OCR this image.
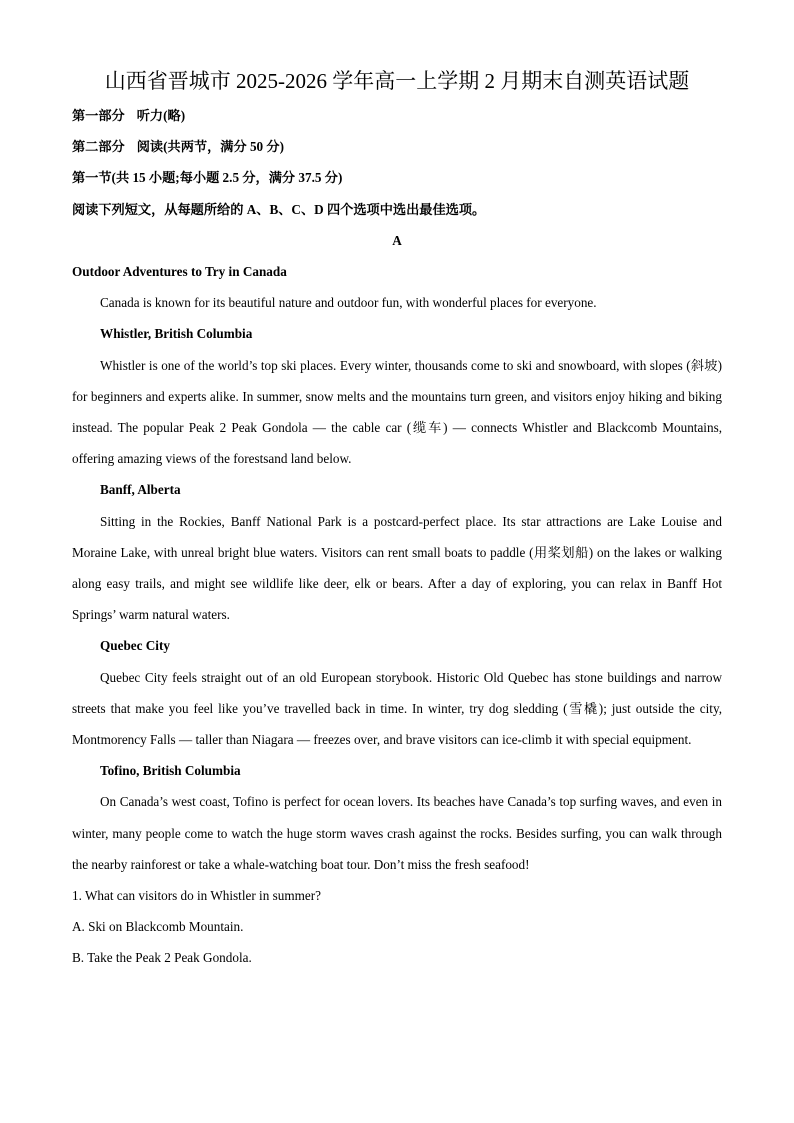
山西省晋城市 2025-2026 学年高一上学期 2 月期末自测英语试题

第一部分 听力(略)

第二部分 阅读(共两节，满分 50 分)

第一节(共 15 小题;每小题 2.5 分，满分 37.5 分)

阅读下列短文，从每题所给的 A、B、C、D 四个选项中选出最佳选项。

A

Outdoor Adventures to Try in Canada

Canada is known for its beautiful nature and outdoor fun, with wonderful places for everyone.

Whistler, British Columbia

Whistler is one of the world’s top ski places. Every winter, thousands come to ski and snowboard, with slopes (斜坡) for beginners and experts alike. In summer, snow melts and the mountains turn green, and visitors enjoy hiking and biking instead. The popular Peak 2 Peak Gondola — the cable car (缆车) — connects Whistler and Blackcomb Mountains, offering amazing views of the forestsand land below.

Banff, Alberta

Sitting in the Rockies, Banff National Park is a postcard-perfect place. Its star attractions are Lake Louise and Moraine Lake, with unreal bright blue waters. Visitors can rent small boats to paddle (用桨划船) on the lakes or walking along easy trails, and might see wildlife like deer, elk or bears. After a day of exploring, you can relax in Banff Hot Springs’ warm natural waters.

Quebec City

Quebec City feels straight out of an old European storybook. Historic Old Quebec has stone buildings and narrow streets that make you feel like you’ve travelled back in time. In winter, try dog sledding (雪橇); just outside the city, Montmorency Falls — taller than Niagara — freezes over, and brave visitors can ice-climb it with special equipment.

Tofino, British Columbia

On Canada’s west coast, Tofino is perfect for ocean lovers. Its beaches have Canada’s top surfing waves, and even in winter, many people come to watch the huge storm waves crash against the rocks. Besides surfing, you can walk through the nearby rainforest or take a whale-watching boat tour. Don’t miss the fresh seafood!

1. What can visitors do in Whistler in summer?

A. Ski on Blackcomb Mountain.

B. Take the Peak 2 Peak Gondola.
